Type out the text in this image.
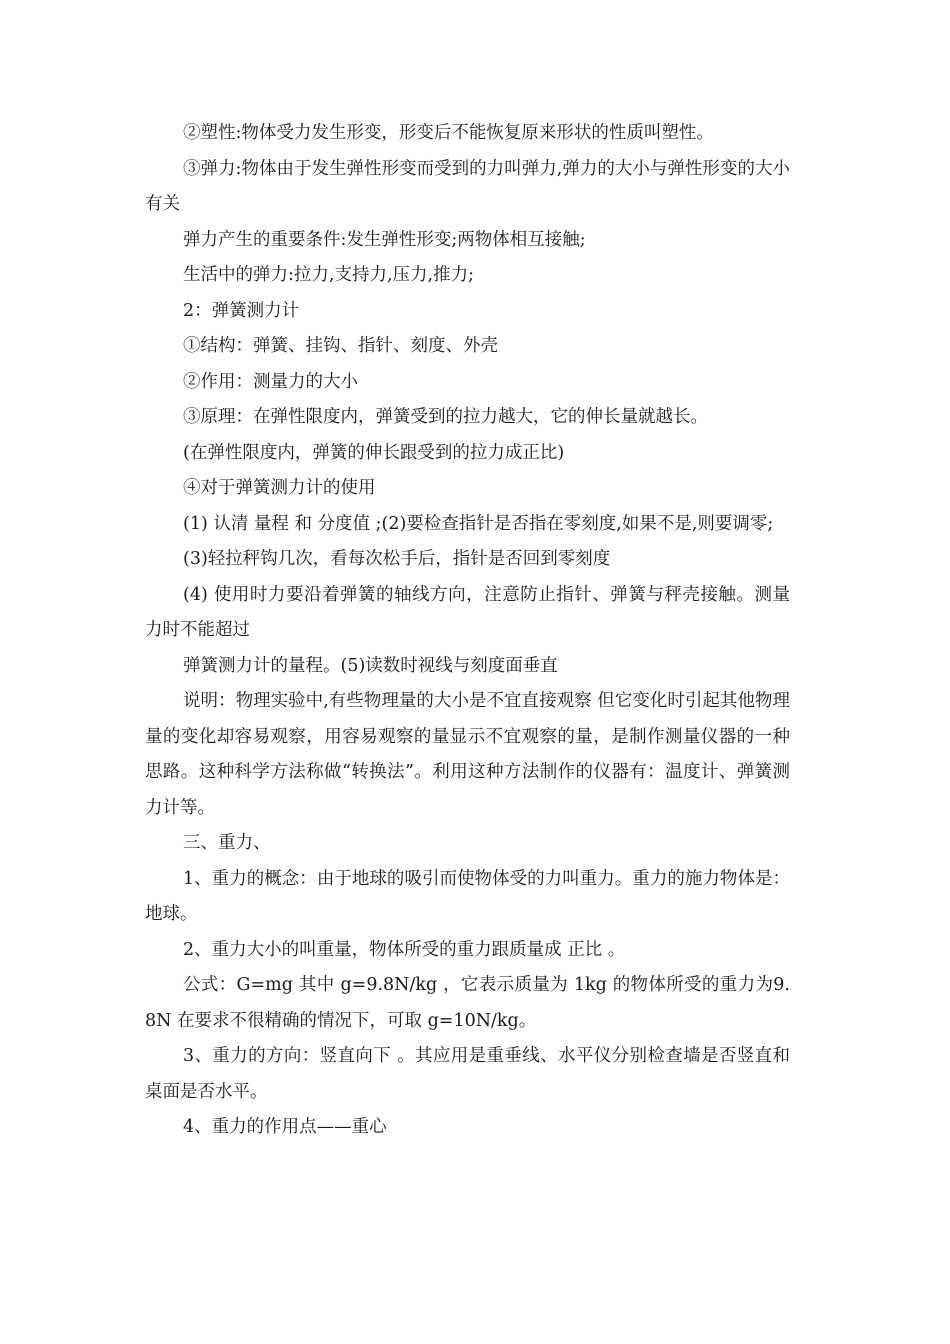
②塑性:物体受力发生形变，形变后不能恢复原来形状的性质叫塑性。

③弹力:物体由于发生弹性形变而受到的力叫弹力,弹力的大小与弹性形变的大小有关

弹力产生的重要条件:发生弹性形变;两物体相互接触;

生活中的弹力:拉力,支持力,压力,推力;

2：弹簧测力计

①结构：弹簧、挂钩、指针、刻度、外壳

②作用：测量力的大小

③原理：在弹性限度内，弹簧受到的拉力越大，它的伸长量就越长。

(在弹性限度内，弹簧的伸长跟受到的拉力成正比)

④对于弹簧测力计的使用

(1) 认清 量程 和 分度值 ;(2)要检查指针是否指在零刻度,如果不是,则要调零;

(3)轻拉秤钩几次，看每次松手后，指针是否回到零刻度

(4) 使用时力要沿着弹簧的轴线方向，注意防止指针、弹簧与秤壳接触。测量力时不能超过

弹簧测力计的量程。(5)读数时视线与刻度面垂直

说明：物理实验中,有些物理量的大小是不宜直接观察 但它变化时引起其他物理量的变化却容易观察，用容易观察的量显示不宜观察的量，是制作测量仪器的一种思路。这种科学方法称做“转换法”。利用这种方法制作的仪器有：温度计、弹簧测力计等。

三、重力、

1、重力的概念：由于地球的吸引而使物体受的力叫重力。重力的施力物体是：地球。

2、重力大小的叫重量，物体所受的重力跟质量成 正比 。

公式：G=mg 其中 g=9.8N/kg ，它表示质量为 1kg 的物体所受的重力为9.8N 在要求不很精确的情况下，可取 g=10N/kg。

3、重力的方向：竖直向下 。其应用是重垂线、水平仪分别检查墙是否竖直和桌面是否水平。

4、重力的作用点——重心
